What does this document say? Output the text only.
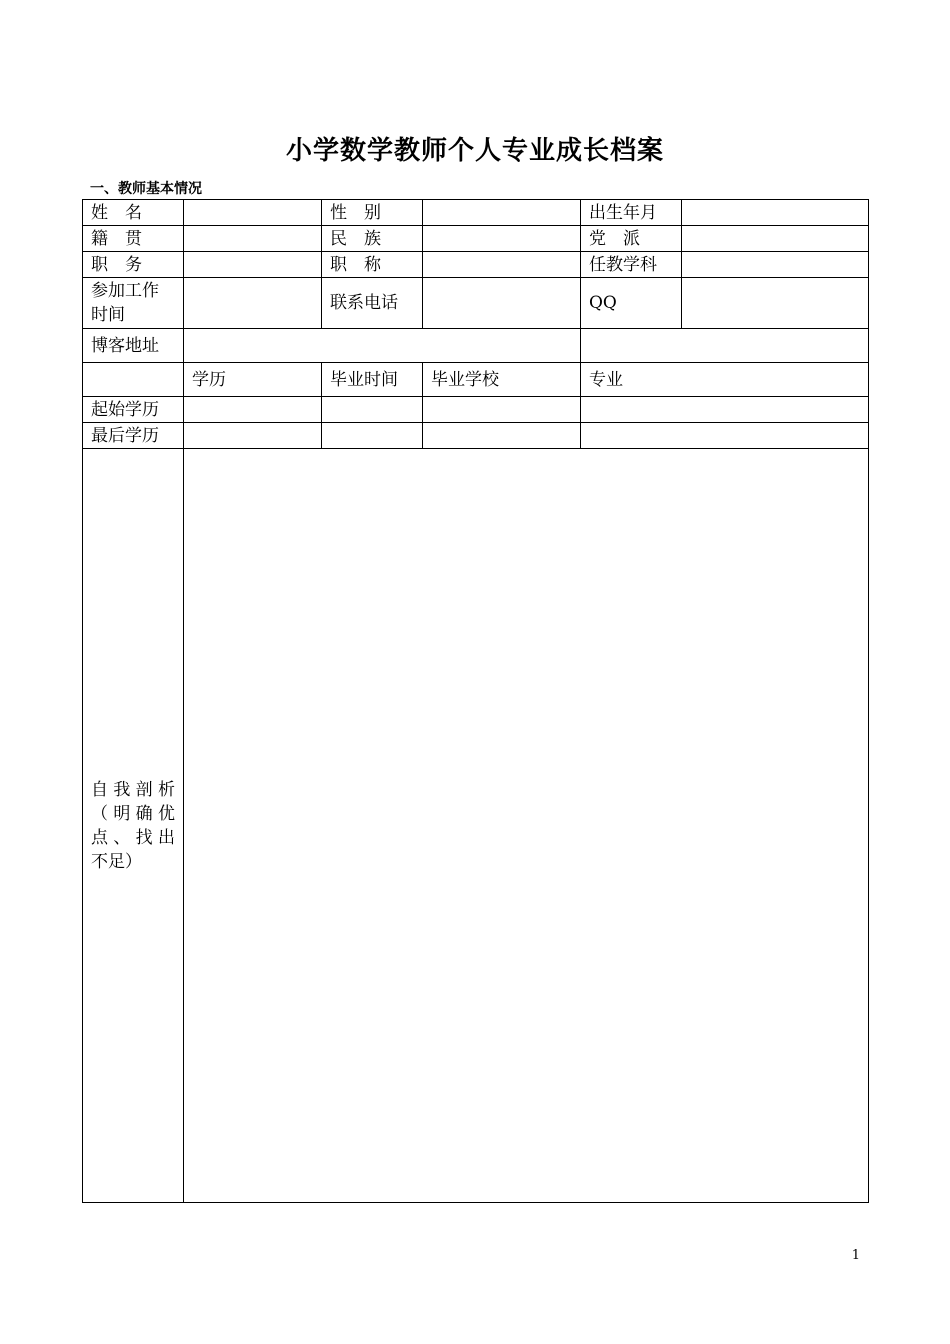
小学数学教师个人专业成长档案
一、教师基本情况
姓　名		性　别		出生年月	
籍　贯		民　族		党　派	
职　务		职　称		任教学科	
参加工作时间		联系电话		QQ	
博客地址					
	学历	毕业时间	毕业学校	专业	
起始学历					
最后学历					
自我剖析（明确优点、找出不足）					
1
